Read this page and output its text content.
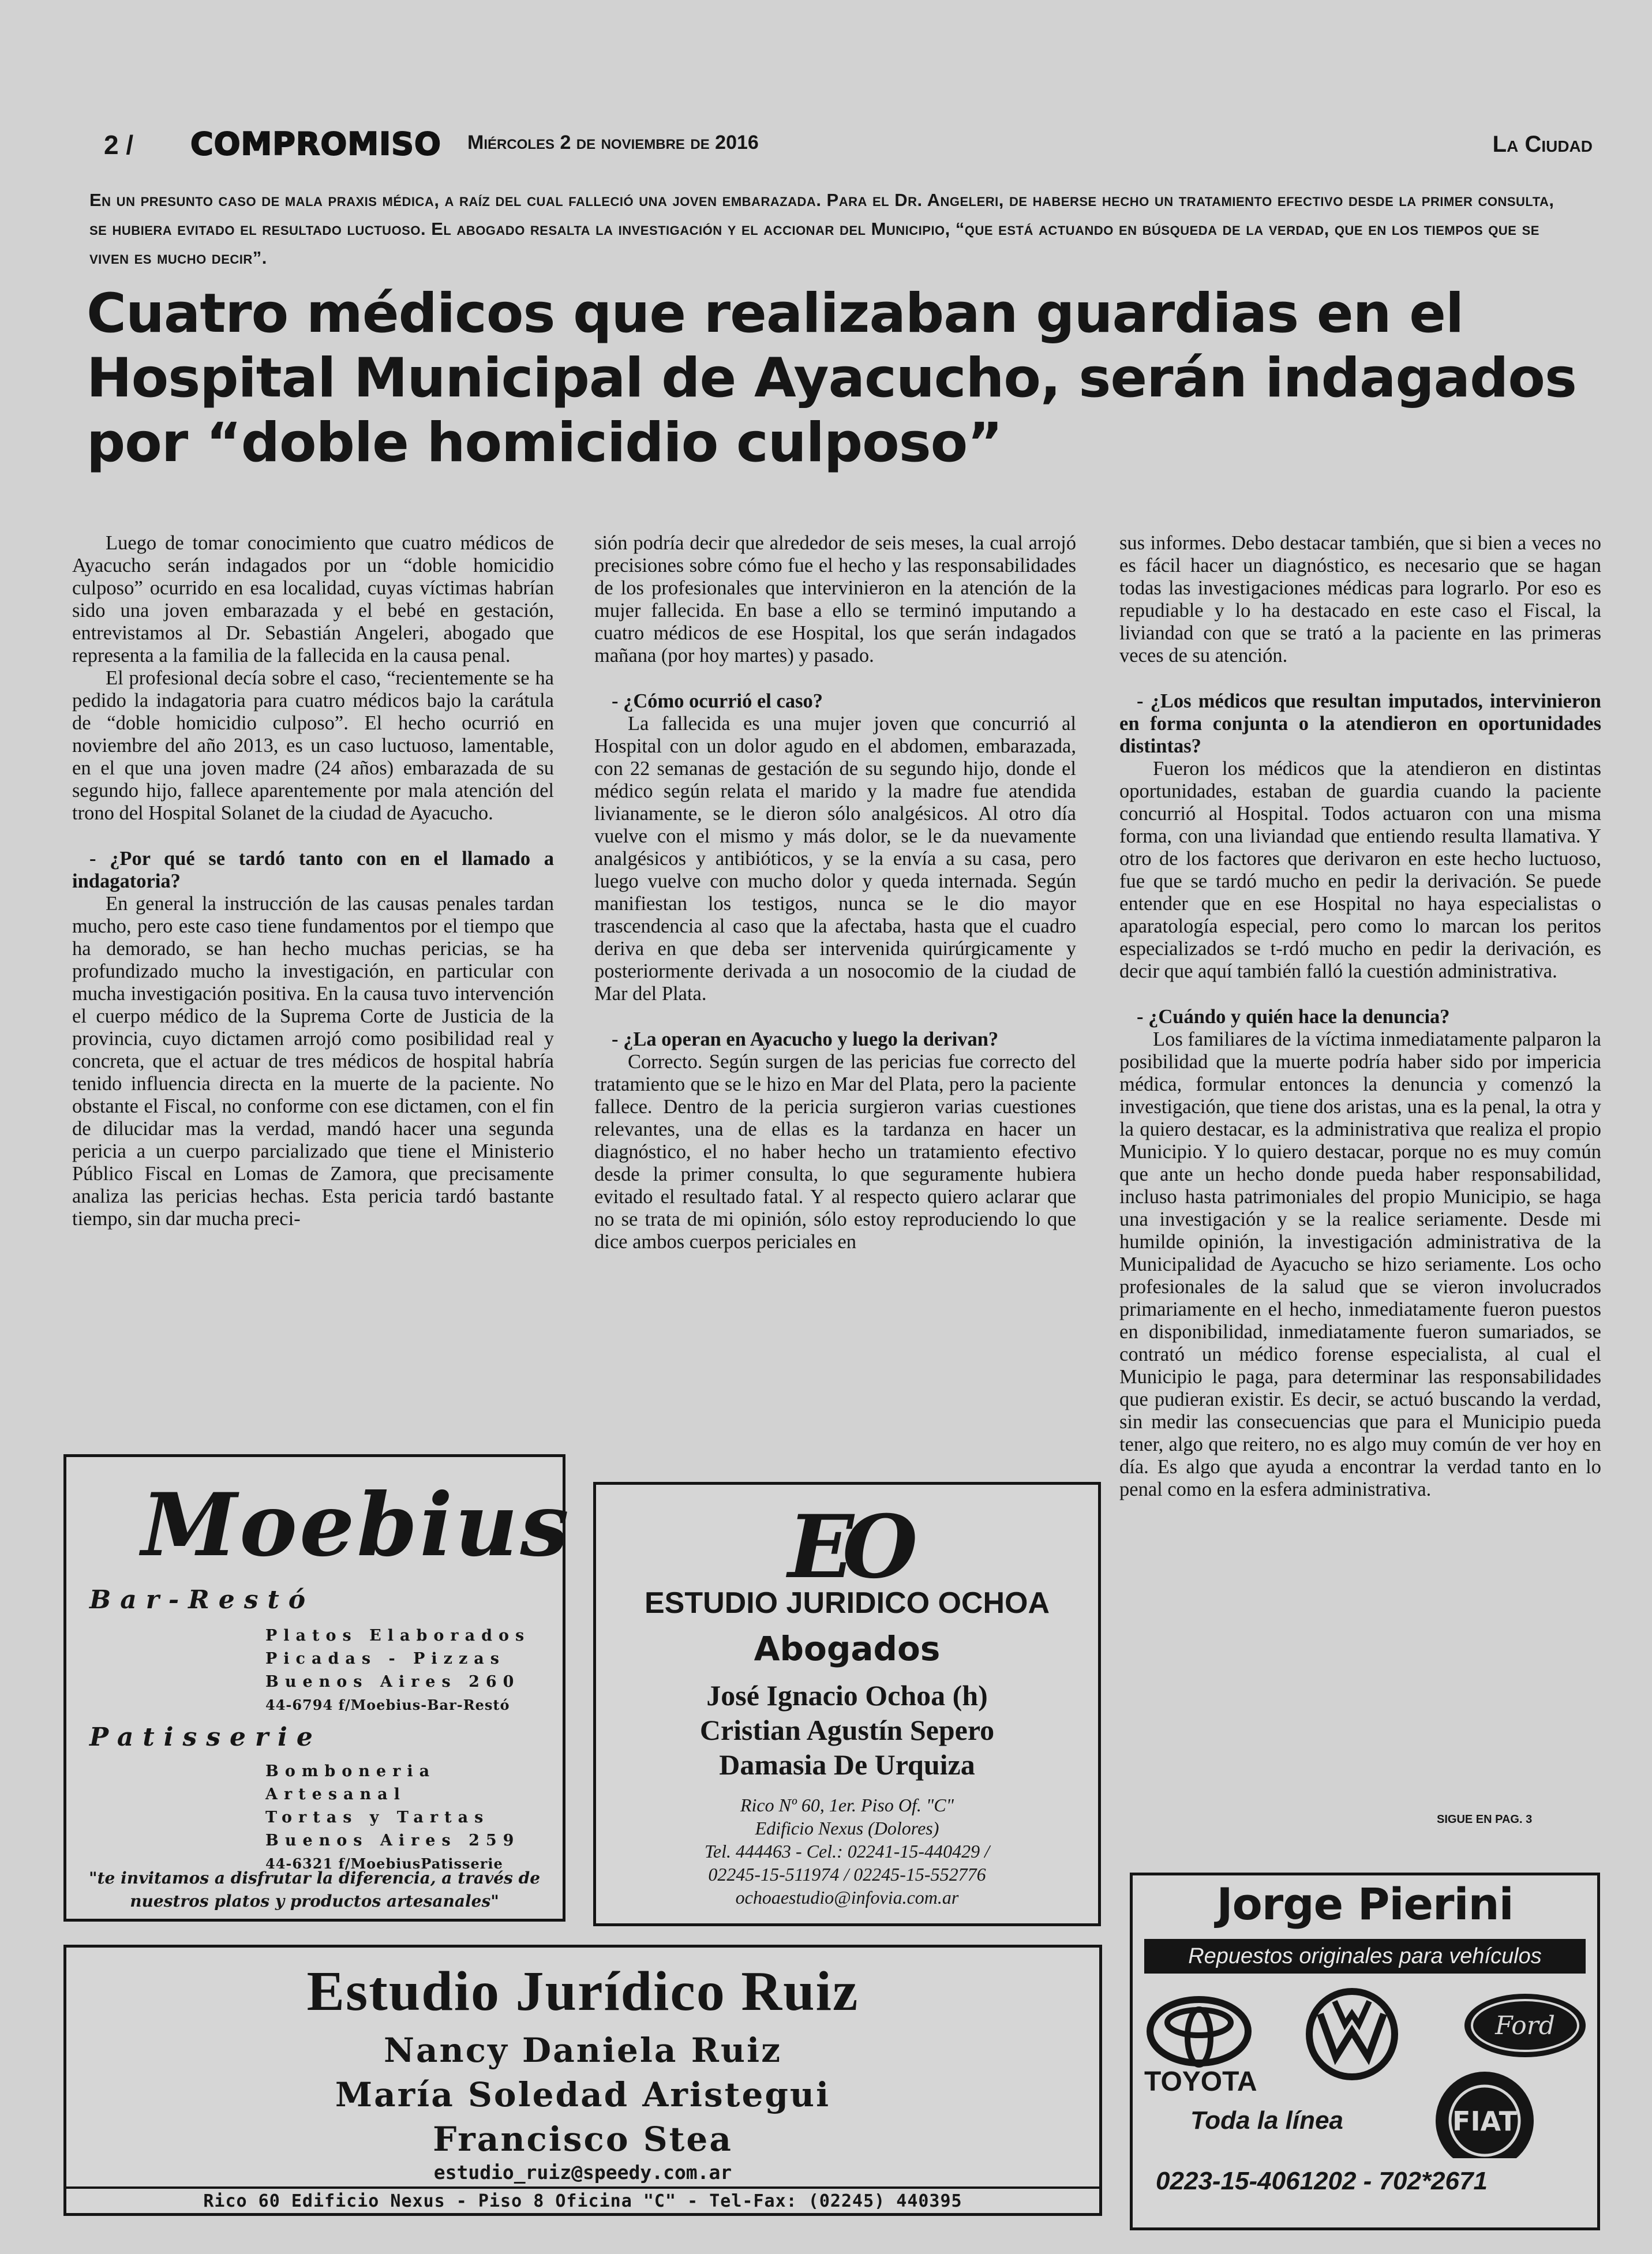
2 / COMPROMISO Miércoles 2 de noviembre de 2016	La Ciudad
En un presunto caso de mala praxis médica, a raíz del cual falleció una joven embarazada. Para el Dr. Angeleri, de haberse hecho un tratamiento efectivo desde la primer consulta, se hubiera evitado el resultado luctuoso. El abogado resalta la investigación y el accionar del Municipio, “que está actuando en búsqueda de la verdad, que en los tiempos que se viven es mucho decir”.
Cuatro médicos que realizaban guardias en el Hospital Municipal de Ayacucho, serán indagados por “doble homicidio culposo”

Luego de tomar conocimiento que cuatro médicos de Ayacucho serán indagados por un “doble homicidio culposo” ocurrido en esa localidad, cuyas víctimas habrían sido una joven embarazada y el bebé en gestación, entrevistamos al Dr. Sebastián Angeleri, abogado que representa a la familia de la fallecida en la causa penal.

El profesional decía sobre el caso, “recientemente se ha pedido la indagatoria para cuatro médicos bajo la carátula de “doble homicidio culposo”. El hecho ocurrió en noviembre del año 2013, es un caso luctuoso, lamentable, en el que una joven madre (24 años) embarazada de su segundo hijo, fallece aparentemente por mala atención del trono del Hospital Solanet de la ciudad de Ayacucho.

- ¿Por qué se tardó tanto con en el llamado a indagatoria?

En general la instrucción de las causas penales tardan mucho, pero este caso tiene fundamentos por el tiempo que ha demorado, se han hecho muchas pericias, se ha profundizado mucho la investigación, en particular con mucha investigación positiva. En la causa tuvo intervención el cuerpo médico de la Suprema Corte de Justicia de la provincia, cuyo dictamen arrojó como posibilidad real y concreta, que el actuar de tres médicos de hospital habría tenido influencia directa en la muerte de la paciente. No obstante el Fiscal, no conforme con ese dictamen, con el fin de dilucidar mas la verdad, mandó hacer una segunda pericia a un cuerpo parcializado que tiene el Ministerio Público Fiscal en Lomas de Zamora, que precisamente analiza las pericias hechas. Esta pericia tardó bastante tiempo, sin dar mucha preci-

sión podría decir que alrededor de seis meses, la cual arrojó precisiones sobre cómo fue el hecho y las responsabilidades de los profesionales que intervinieron en la atención de la mujer fallecida. En base a ello se terminó imputando a cuatro médicos de ese Hospital, los que serán indagados mañana (por hoy martes) y pasado.

- ¿Cómo ocurrió el caso?

La fallecida es una mujer joven que concurrió al Hospital con un dolor agudo en el abdomen, embarazada, con 22 semanas de gestación de su segundo hijo, donde el médico según relata el marido y la madre fue atendida livianamente, se le dieron sólo analgésicos. Al otro día vuelve con el mismo y más dolor, se le da nuevamente analgésicos y antibióticos, y se la envía a su casa, pero luego vuelve con mucho dolor y queda internada. Según manifiestan los testigos, nunca se le dio mayor trascendencia al caso que la afectaba, hasta que el cuadro deriva en que deba ser intervenida quirúrgicamente y posteriormente derivada a un nosocomio de la ciudad de Mar del Plata.

- ¿La operan en Ayacucho y luego la derivan?

Correcto. Según surgen de las pericias fue correcto del tratamiento que se le hizo en Mar del Plata, pero la paciente fallece. Dentro de la pericia surgieron varias cuestiones relevantes, una de ellas es la tardanza en hacer un diagnóstico, el no haber hecho un tratamiento efectivo desde la primer consulta, lo que seguramente hubiera evitado el resultado fatal. Y al respecto quiero aclarar que no se trata de mi opinión, sólo estoy reproduciendo lo que dice ambos cuerpos periciales en

sus informes. Debo destacar también, que si bien a veces no es fácil hacer un diagnóstico, es necesario que se hagan todas las investigaciones médicas para lograrlo. Por eso es repudiable y lo ha destacado en este caso el Fiscal, la liviandad con que se trató a la paciente en las primeras veces de su atención.

- ¿Los médicos que resultan imputados, intervinieron en forma conjunta o la atendieron en oportunidades distintas?

Fueron los médicos que la atendieron en distintas oportunidades, estaban de guardia cuando la paciente concurrió al Hospital. Todos actuaron con una misma forma, con una liviandad que entiendo resulta llamativa. Y otro de los factores que derivaron en este hecho luctuoso, fue que se tardó mucho en pedir la derivación. Se puede entender que en ese Hospital no haya especialistas o aparatología especial, pero como lo marcan los peritos especializados se t-rdó mucho en pedir la derivación, es decir que aquí también falló la cuestión administrativa.

- ¿Cuándo y quién hace la denuncia?

Los familiares de la víctima inmediatamente palparon la posibilidad que la muerte podría haber sido por impericia médica, formular entonces la denuncia y comenzó la investigación, que tiene dos aristas, una es la penal, la otra y la quiero destacar, es la administrativa que realiza el propio Municipio. Y lo quiero destacar, porque no es muy común que ante un hecho donde pueda haber responsabilidad, incluso hasta patrimoniales del propio Municipio, se haga una investigación y se la realice seriamente. Desde mi humilde opinión, la investigación administrativa de la Municipalidad de Ayacucho se hizo seriamente. Los ocho profesionales de la salud que se vieron involucrados primariamente en el hecho, inmediatamente fueron puestos en disponibilidad, inmediatamente fueron sumariados, se contrató un médico forense especialista, al cual el Municipio le paga, para determinar las responsabilidades que pudieran existir. Es decir, se actuó buscando la verdad, sin medir las consecuencias que para el Municipio pueda tener, algo que reitero, no es algo muy común de ver hoy en día. Es algo que ayuda a encontrar la verdad tanto en lo penal como en la esfera administrativa.

SIGUE EN PAG. 3
Moebius
Bar-Restó
Platos Elaborados
Picadas - Pizzas
Buenos Aires 260
44-6794 f/Moebius-Bar-Restó
Patisserie
Bomboneria Artesanal
Tortas y Tartas
Buenos Aires 259
44-6321 f/MoebiusPatisserie
"te invitamos a disfrutar la diferencia, a través de nuestros platos y productos artesanales"
EO
ESTUDIO JURIDICO OCHOA
Abogados
José Ignacio Ochoa (h)
Cristian Agustín Sepero
Damasia De Urquiza
Rico Nº 60, 1er. Piso Of. "C"
Edificio Nexus (Dolores)
Tel. 444463 - Cel.: 02241-15-440429 /
02245-15-511974 / 02245-15-552776
ochoaestudio@infovia.com.ar
Estudio Jurídico Ruiz
Nancy Daniela Ruiz
María Soledad Aristegui
Francisco Stea
estudio_ruiz@speedy.com.ar
Rico 60 Edificio Nexus - Piso 8 Oficina "C" - Tel-Fax: (02245) 440395
Jorge Pierini
Repuestos originales para vehículos
Ford
FIAT
TOYOTA
Toda la línea
0223-15-4061202 - 702*2671
